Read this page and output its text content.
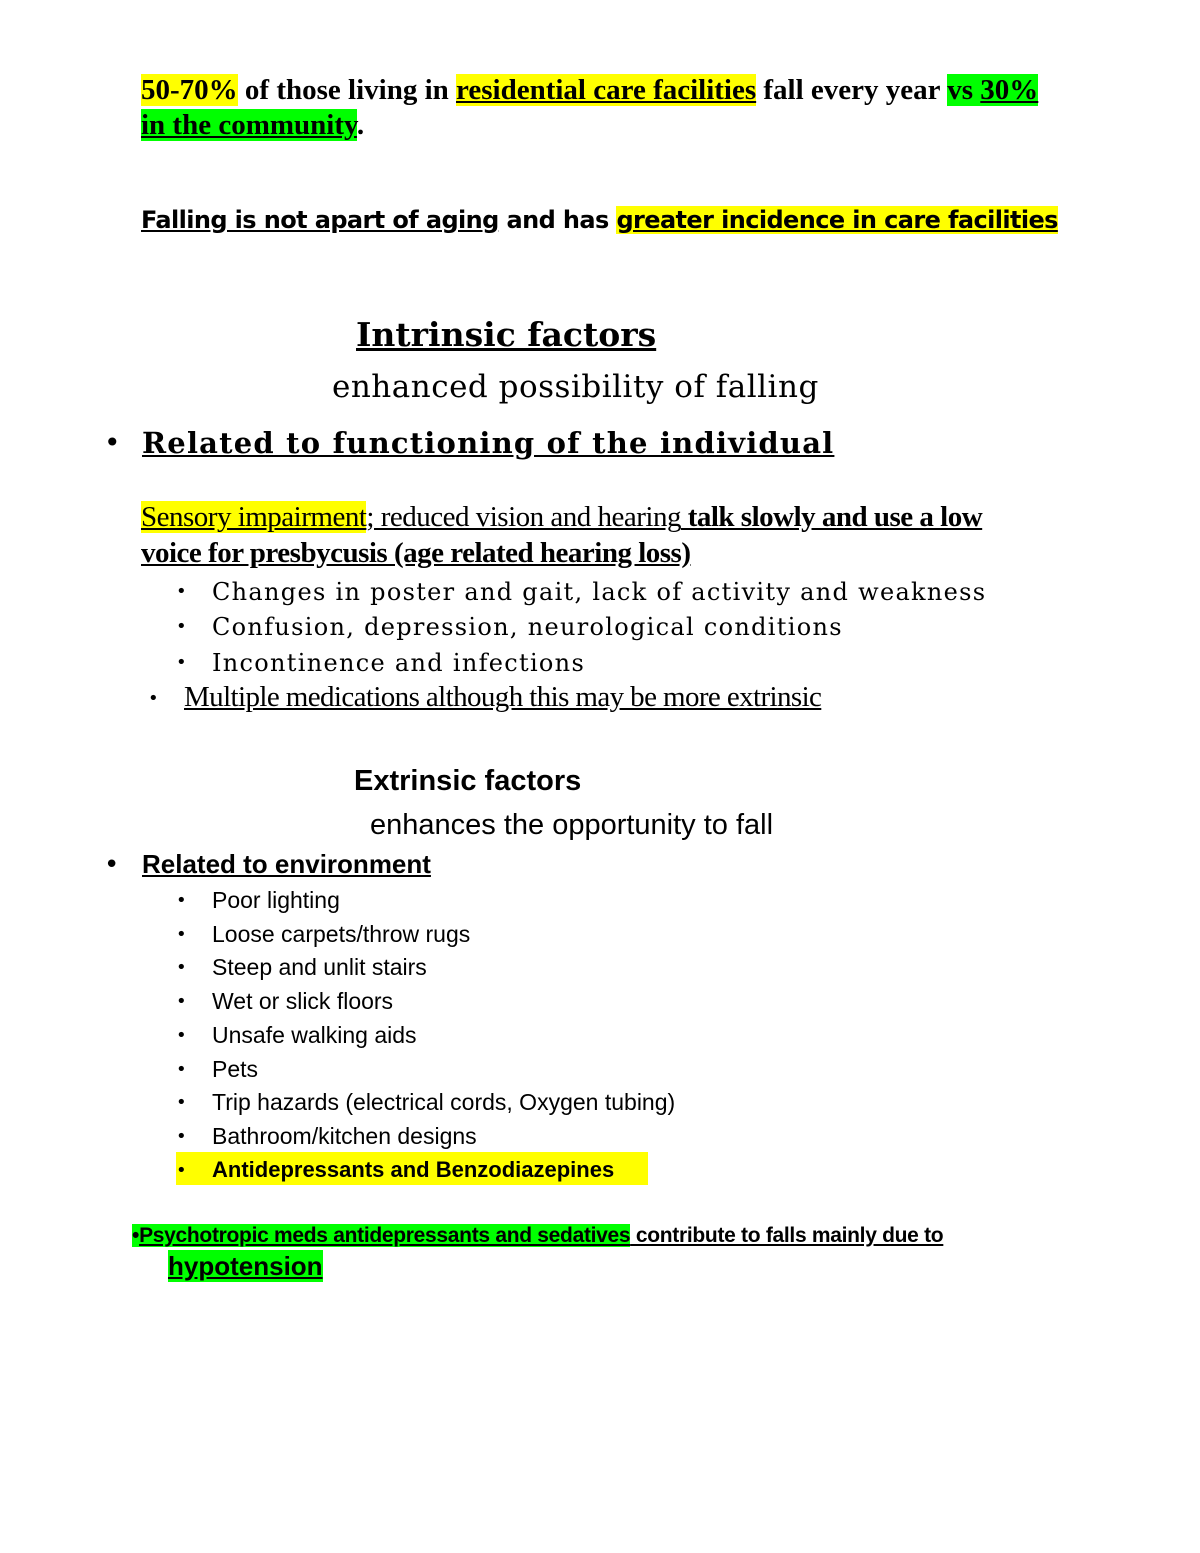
50-70% of those living in residential care facilities fall every year vs 30%
in the community.
Falling is not apart of aging and has greater incidence in care facilities
Intrinsic factors
enhanced possibility of falling
• Related to functioning of the individual
Sensory impairment; reduced vision and hearing talk slowly and use a low
voice for presbycusis (age related hearing loss)
• Changes in poster and gait, lack of activity and weakness
• Confusion, depression, neurological conditions
• Incontinence and infections
• Multiple medications although this may be more extrinsic
Extrinsic factors
enhances the opportunity to fall
• Related to environment
• Poor lighting
• Loose carpets/throw rugs
• Steep and unlit stairs
• Wet or slick floors
• Unsafe walking aids
• Pets
• Trip hazards (electrical cords, Oxygen tubing)
• Bathroom/kitchen designs
• Antidepressants and Benzodiazepines
•Psychotropic meds antidepressants and sedatives contribute to falls mainly due to
hypotension
